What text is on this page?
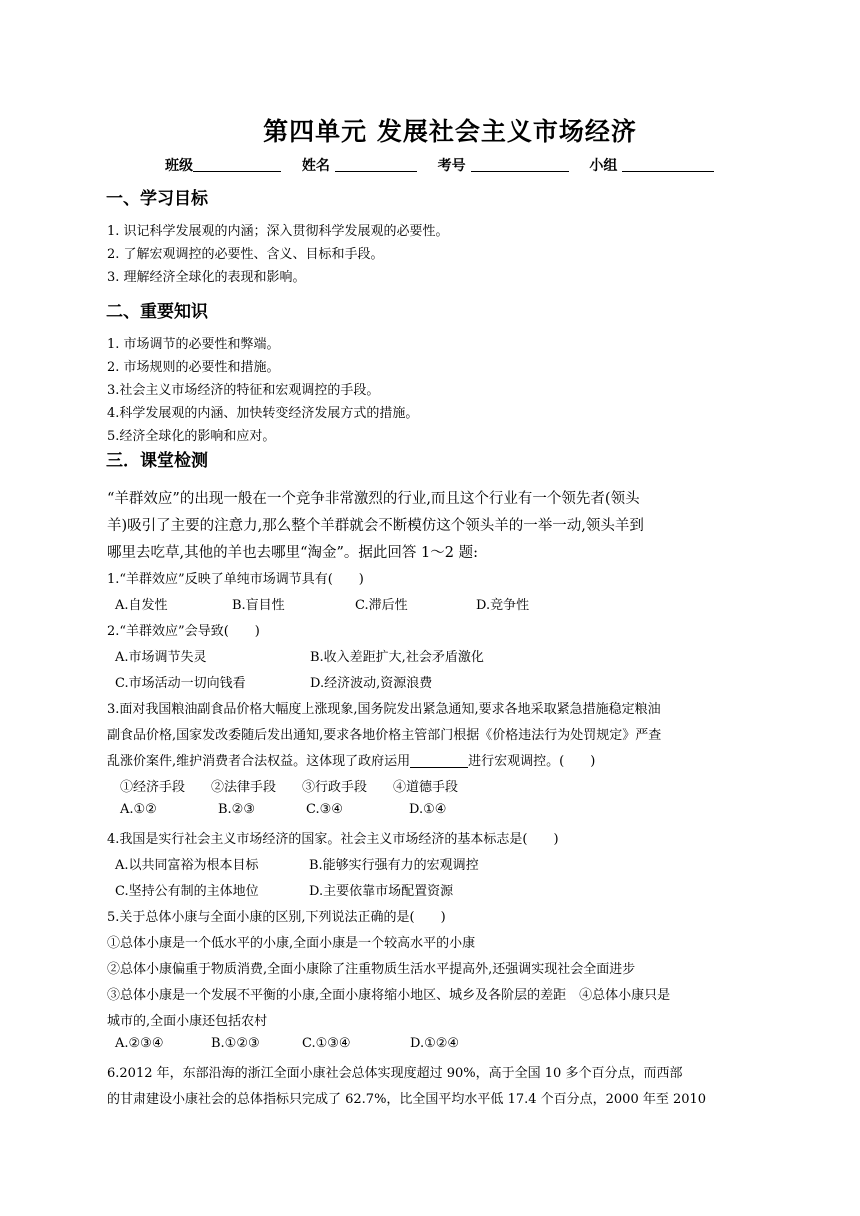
第四单元 发展社会主义市场经济
班级	姓名	考号	小组
一、学习目标
1. 识记科学发展观的内涵；深入贯彻科学发展观的必要性。
2. 了解宏观调控的必要性、含义、目标和手段。
3. 理解经济全球化的表现和影响。
二、重要知识
1. 市场调节的必要性和弊端。
2. 市场规则的必要性和措施。
3.社会主义市场经济的特征和宏观调控的手段。
4.科学发展观的内涵、加快转变经济发展方式的措施。
5.经济全球化的影响和应对。
三．课堂检测
“羊群效应”的出现一般在一个竞争非常激烈的行业,而且这个行业有一个领先者(领头
羊)吸引了主要的注意力,那么整个羊群就会不断模仿这个领头羊的一举一动,领头羊到
哪里去吃草,其他的羊也去哪里“淘金”。据此回答 1～2 题:
1.“羊群效应”反映了单纯市场调节具有(　　)
A.自发性	B.盲目性	C.滞后性	D.竞争性
2.“羊群效应”会导致(　　)
A.市场调节失灵	B.收入差距扩大,社会矛盾激化
C.市场活动一切向钱看	D.经济波动,资源浪费
3.面对我国粮油副食品价格大幅度上涨现象,国务院发出紧急通知,要求各地采取紧急措施稳定粮油
副食品价格,国家发改委随后发出通知,要求各地价格主管部门根据《价格违法行为处罚规定》严查
乱涨价案件,维护消费者合法权益。这体现了政府运用	进行宏观调控。(　　)
①经济手段　　②法律手段　　③行政手段　　④道德手段
A.①②	B.②③	C.③④	D.①④
4.我国是实行社会主义市场经济的国家。社会主义市场经济的基本标志是(　　)
A.以共同富裕为根本目标	B.能够实行强有力的宏观调控
C.坚持公有制的主体地位	D.主要依靠市场配置资源
5.关于总体小康与全面小康的区别,下列说法正确的是(　　)
①总体小康是一个低水平的小康,全面小康是一个较高水平的小康
②总体小康偏重于物质消费,全面小康除了注重物质生活水平提高外,还强调实现社会全面进步
③总体小康是一个发展不平衡的小康,全面小康将缩小地区、城乡及各阶层的差距　④总体小康只是
城市的,全面小康还包括农村
A.②③④	B.①②③	C.①③④	D.①②④
6.2012 年，东部沿海的浙江全面小康社会总体实现度超过 90%，高于全国 10 多个百分点，而西部
的甘肃建设小康社会的总体指标只完成了 62.7%，比全国平均水平低 17.4 个百分点，2000 年至 2010
